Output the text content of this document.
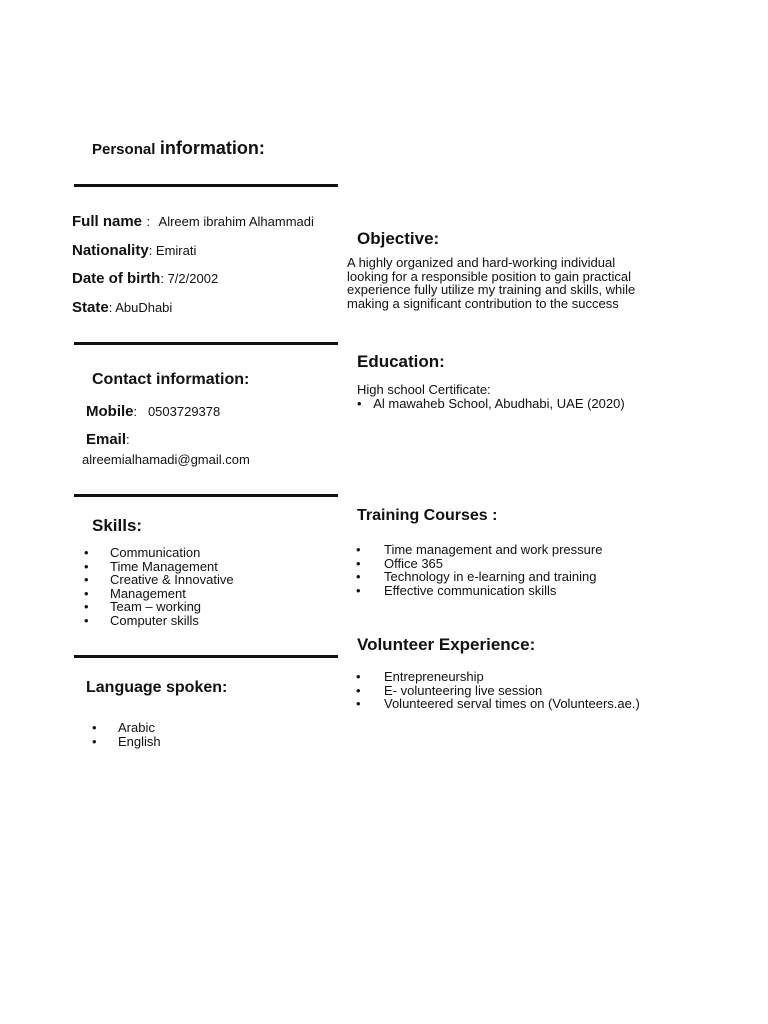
Personal information:
Full name : Alreem ibrahim Alhammadi
Nationality: Emirati
Date of birth: 7/2/2002
State: AbuDhabi
Contact information:
Mobile:   0503729378
Email:
alreemialhamadi@gmail.com
Skills:
• Communication
• Time Management
• Creative & Innovative
• Management
• Team – working
• Computer skills
Language spoken:
• Arabic
• English
Objective:
A highly organized and hard-working individual
looking for a responsible position to gain practical
experience fully utilize my training and skills, while
making a significant contribution to the success
Education:
High school Certificate:
• Al mawaheb School, Abudhabi, UAE (2020)
Training Courses :
• Time management and work pressure
• Office 365
• Technology in e-learning and training
• Effective communication skills
Volunteer Experience:
• Entrepreneurship
• E- volunteering live session
• Volunteered serval times on (Volunteers.ae.)
